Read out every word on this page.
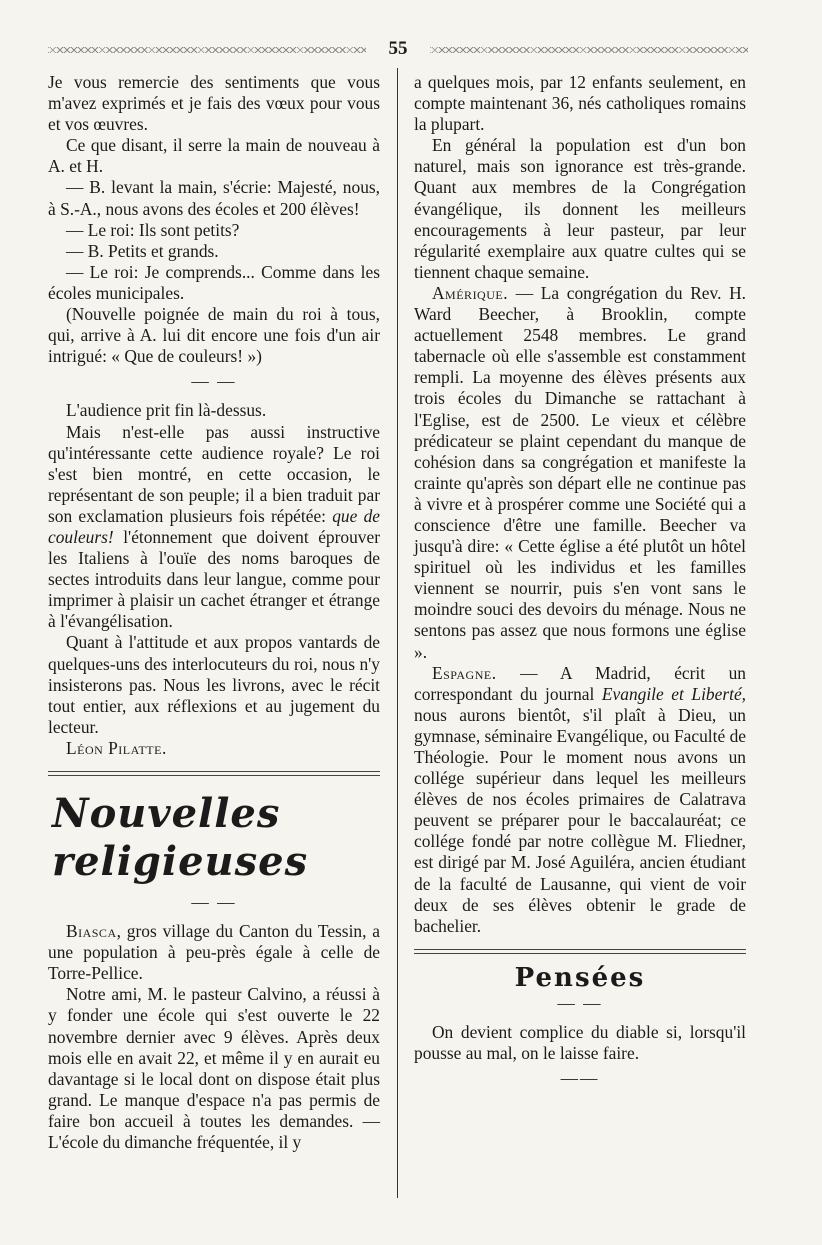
55

Je vous remercie des sentiments que vous m'avez exprimés et je fais des vœux pour vous et vos œuvres.

Ce que disant, il serre la main de nouveau à A. et H.

— B. levant la main, s'écrie: Majesté, nous, à S.-A., nous avons des écoles et 200 élèves!

— Le roi: Ils sont petits?

— B. Petits et grands.

— Le roi: Je comprends... Comme dans les écoles municipales.

(Nouvelle poignée de main du roi à tous, qui, arrive à A. lui dit encore une fois d'un air intrigué: « Que de couleurs! »)

— —

L'audience prit fin là-dessus.

Mais n'est-elle pas aussi instructive qu'intéressante cette audience royale? Le roi s'est bien montré, en cette occasion, le représentant de son peuple; il a bien traduit par son exclamation plusieurs fois répétée: que de couleurs! l'étonnement que doivent éprouver les Italiens à l'ouïe des noms baroques de sectes introduits dans leur langue, comme pour imprimer à plaisir un cachet étranger et étrange à l'évangélisation.

Quant à l'attitude et aux propos vantards de quelques-uns des interlocuteurs du roi, nous n'y insisterons pas. Nous les livrons, avec le récit tout entier, aux réflexions et au jugement du lecteur.

Léon Pilatte.

Nouvelles religieuses
— —

Biasca, gros village du Canton du Tessin, a une population à peu-près égale à celle de Torre-Pellice.

Notre ami, M. le pasteur Calvino, a réussi à y fonder une école qui s'est ouverte le 22 novembre dernier avec 9 élèves. Après deux mois elle en avait 22, et même il y en aurait eu davantage si le local dont on dispose était plus grand. Le manque d'espace n'a pas permis de faire bon accueil à toutes les demandes. — L'école du dimanche fréquentée, il y

a quelques mois, par 12 enfants seulement, en compte maintenant 36, nés catholiques romains la plupart.

En général la population est d'un bon naturel, mais son ignorance est très-grande. Quant aux membres de la Congrégation évangélique, ils donnent les meilleurs encouragements à leur pasteur, par leur régularité exemplaire aux quatre cultes qui se tiennent chaque semaine.

Amérique. — La congrégation du Rev. H. Ward Beecher, à Brooklin, compte actuellement 2548 membres. Le grand tabernacle où elle s'assemble est constamment rempli. La moyenne des élèves présents aux trois écoles du Dimanche se rattachant à l'Eglise, est de 2500. Le vieux et célèbre prédicateur se plaint cependant du manque de cohésion dans sa congrégation et manifeste la crainte qu'après son départ elle ne continue pas à vivre et à prospérer comme une Société qui a conscience d'être une famille. Beecher va jusqu'à dire: « Cette église a été plutôt un hôtel spirituel où les individus et les familles viennent se nourrir, puis s'en vont sans le moindre souci des devoirs du ménage. Nous ne sentons pas assez que nous formons une église ».

Espagne. — A Madrid, écrit un correspondant du journal Evangile et Liberté, nous aurons bientôt, s'il plaît à Dieu, un gymnase, séminaire Evangélique, ou Faculté de Théologie. Pour le moment nous avons un collége supérieur dans lequel les meilleurs élèves de nos écoles primaires de Calatrava peuvent se préparer pour le baccalauréat; ce collége fondé par notre collègue M. Fliedner, est dirigé par M. José Aguiléra, ancien étudiant de la faculté de Lausanne, qui vient de voir deux de ses élèves obtenir le grade de bachelier.

Pensées
— —

On devient complice du diable si, lorsqu'il pousse au mal, on le laisse faire.

——
